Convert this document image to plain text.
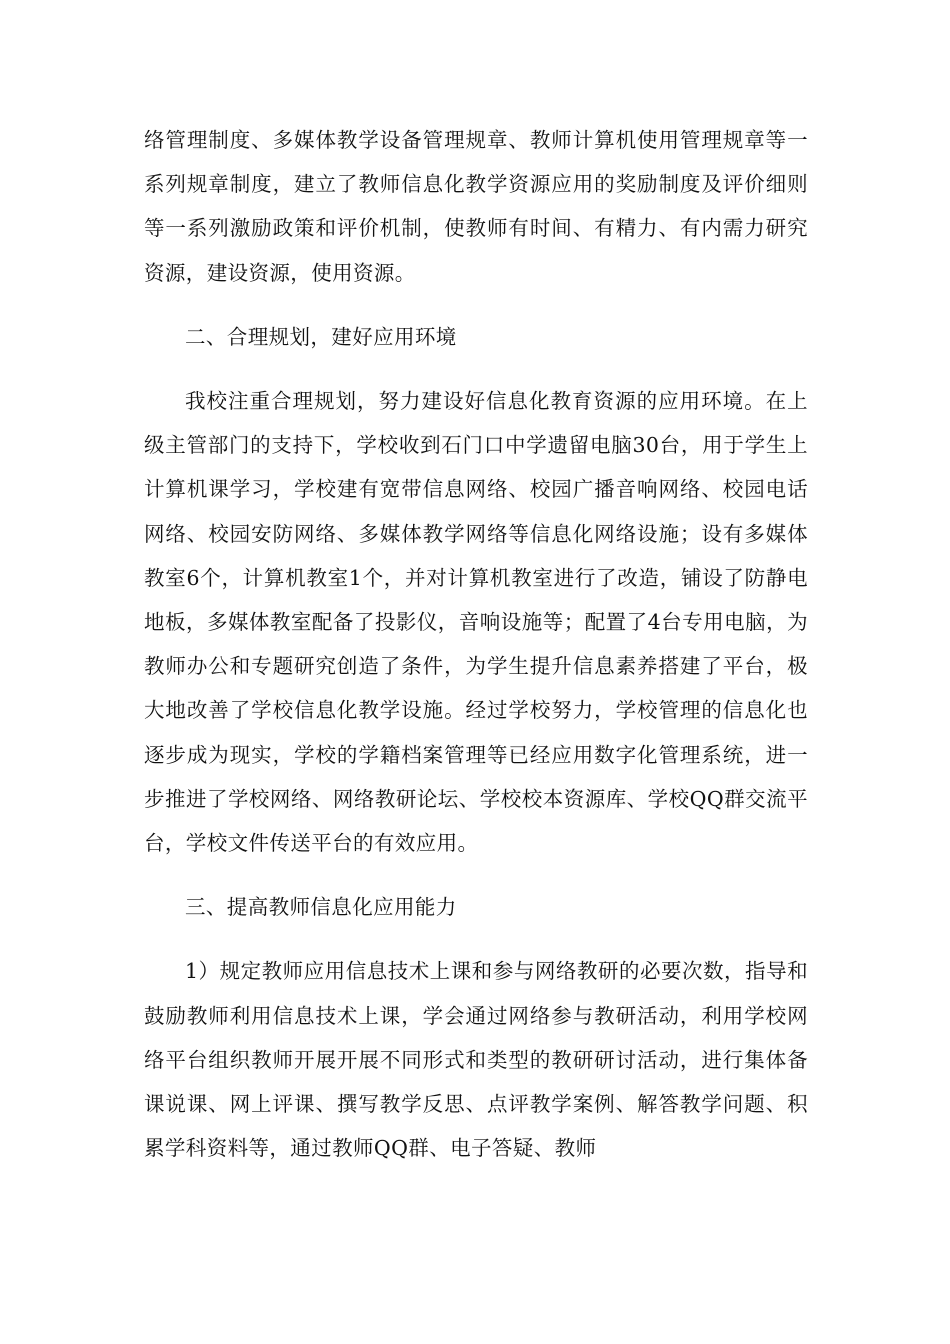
络管理制度、多媒体教学设备管理规章、教师计算机使用管理规章等一系列规章制度，建立了教师信息化教学资源应用的奖励制度及评价细则等一系列激励政策和评价机制，使教师有时间、有精力、有内需力研究资源，建设资源，使用资源。

二、合理规划，建好应用环境

我校注重合理规划，努力建设好信息化教育资源的应用环境。在上级主管部门的支持下，学校收到石门口中学遗留电脑30台，用于学生上计算机课学习，学校建有宽带信息网络、校园广播音响网络、校园电话网络、校园安防网络、多媒体教学网络等信息化网络设施；设有多媒体教室6个，计算机教室1个，并对计算机教室进行了改造，铺设了防静电地板，多媒体教室配备了投影仪，音响设施等；配置了4台专用电脑，为教师办公和专题研究创造了条件，为学生提升信息素养搭建了平台，极大地改善了学校信息化教学设施。经过学校努力，学校管理的信息化也逐步成为现实，学校的学籍档案管理等已经应用数字化管理系统，进一步推进了学校网络、网络教研论坛、学校校本资源库、学校QQ群交流平台，学校文件传送平台的有效应用。

三、提高教师信息化应用能力

1）规定教师应用信息技术上课和参与网络教研的必要次数，指导和鼓励教师利用信息技术上课，学会通过网络参与教研活动，利用学校网络平台组织教师开展开展不同形式和类型的教研研讨活动，进行集体备课说课、网上评课、撰写教学反思、点评教学案例、解答教学问题、积累学科资料等，通过教师QQ群、电子答疑、教师
